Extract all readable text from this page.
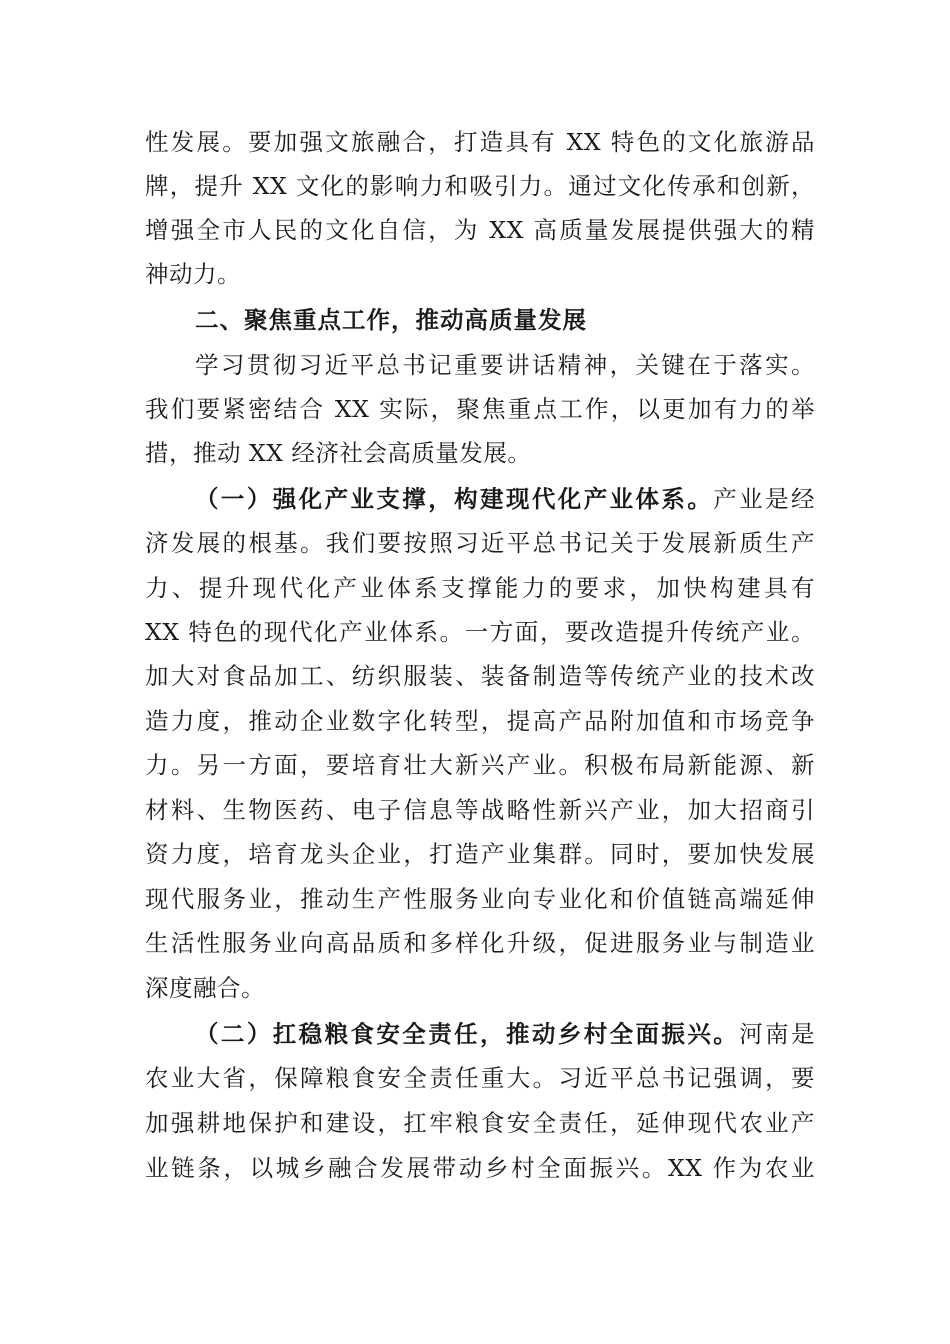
性发展。要加强文旅融合，打造具有 XX 特色的文化旅游品
牌，提升 XX 文化的影响力和吸引力。通过文化传承和创新，
增强全市人民的文化自信，为 XX 高质量发展提供强大的精
神动力。
二、聚焦重点工作，推动高质量发展
学习贯彻习近平总书记重要讲话精神，关键在于落实。
我们要紧密结合 XX 实际，聚焦重点工作，以更加有力的举
措，推动 XX 经济社会高质量发展。
（一）强化产业支撑，构建现代化产业体系。产业是经
济发展的根基。我们要按照习近平总书记关于发展新质生产
力、提升现代化产业体系支撑能力的要求，加快构建具有
XX 特色的现代化产业体系。一方面，要改造提升传统产业。
加大对食品加工、纺织服装、装备制造等传统产业的技术改
造力度，推动企业数字化转型，提高产品附加值和市场竞争
力。另一方面，要培育壮大新兴产业。积极布局新能源、新
材料、生物医药、电子信息等战略性新兴产业，加大招商引
资力度，培育龙头企业，打造产业集群。同时，要加快发展
现代服务业，推动生产性服务业向专业化和价值链高端延伸
生活性服务业向高品质和多样化升级，促进服务业与制造业
深度融合。
（二）扛稳粮食安全责任，推动乡村全面振兴。河南是
农业大省，保障粮食安全责任重大。习近平总书记强调，要
加强耕地保护和建设，扛牢粮食安全责任，延伸现代农业产
业链条，以城乡融合发展带动乡村全面振兴。XX 作为农业
